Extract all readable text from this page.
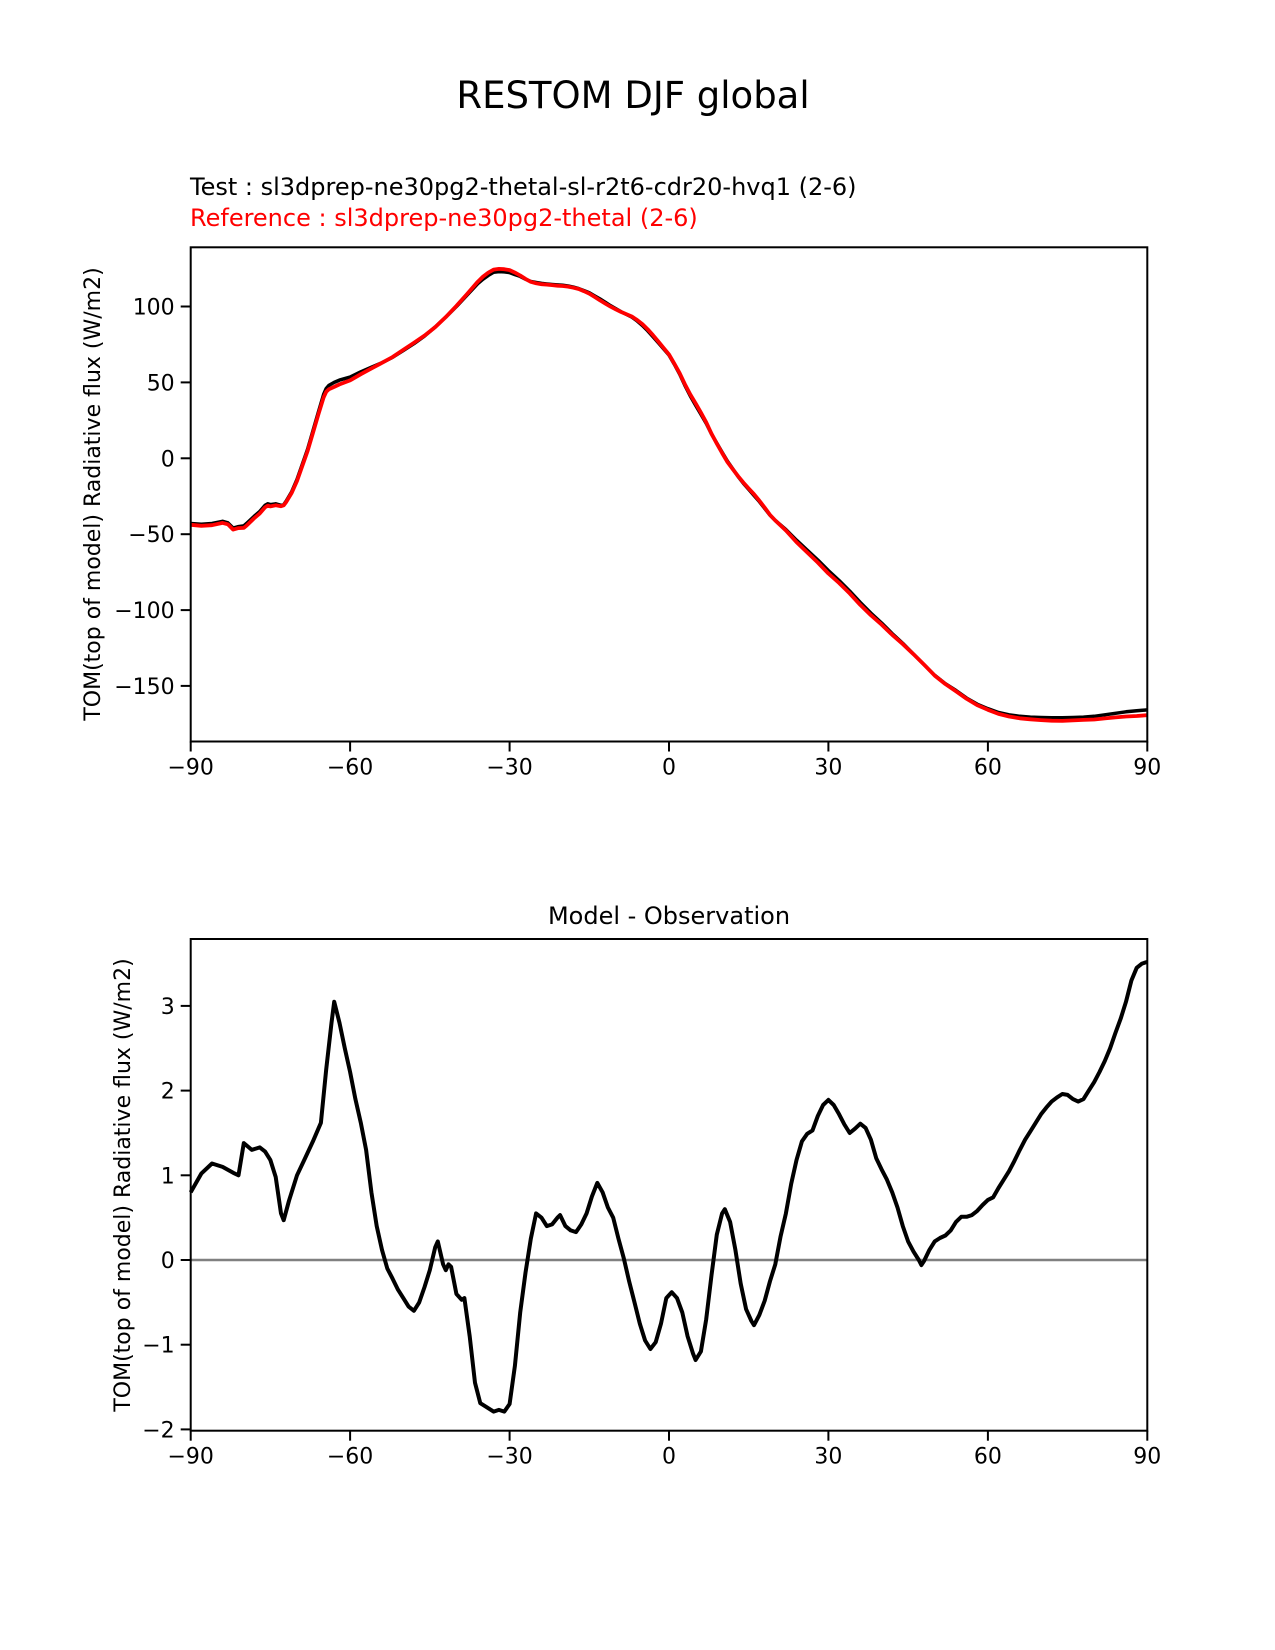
−90	−60	−30	0	30	60	90
−150
−100
−50
0
50
100
−90	−60	−30	0	30	60	90
−2
−1
0
1
2
3
RESTOM DJF global
Test : sl3dprep-ne30pg2-thetal-sl-r2t6-cdr20-hvq1 (2-6)
Reference : sl3dprep-ne30pg2-thetal (2-6)
TOM(top of model) Radiative flux (W/m2)
Model - Observation
TOM(top of model) Radiative flux (W/m2)
